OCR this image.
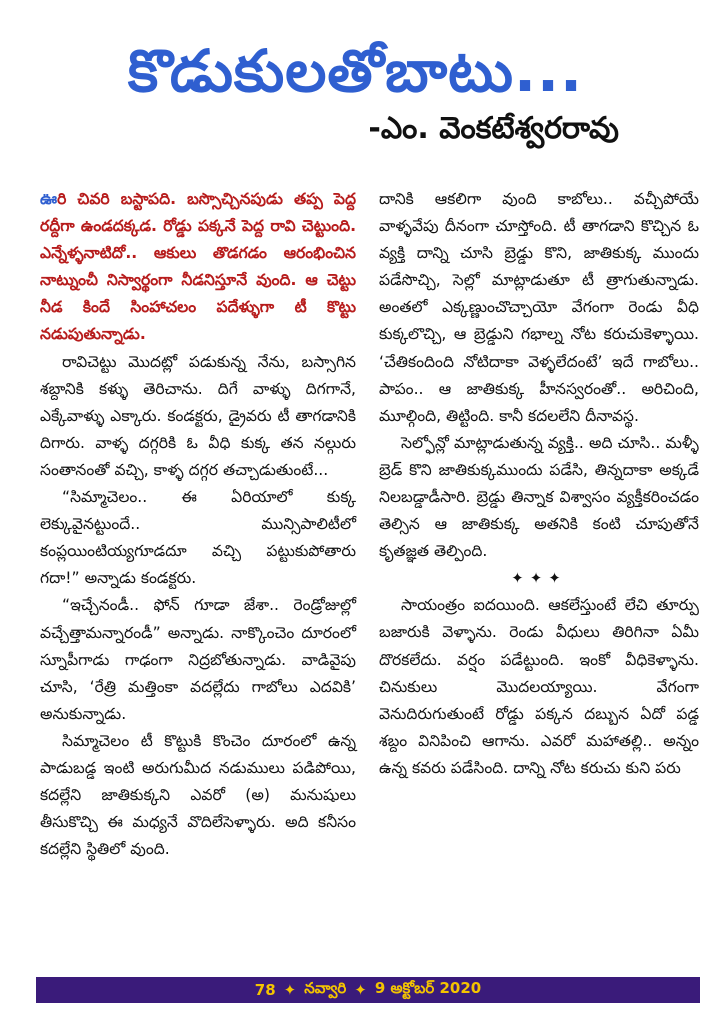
కొడుకులతోబాటు...
-ఎం. వెంకటేశ్వరరావు

ఊరి చివరి బస్టాపది. బస్సొచ్చినపుడు తప్ప పెద్ద రద్దీగా ఉండదక్కడ. రోడ్డు పక్కనే పెద్ద రావి చెట్టుంది. ఎన్నేళ్ళనాటిదో.. ఆకులు తొడగడం ఆరంభించిన నాట్నుంచీ నిస్వార్థంగా నీడనిస్తూనే వుంది. ఆ చెట్టు నీడ కిందే సింహాచలం పదేళ్ళుగా టీ కొట్టు నడుపుతున్నాడు.

రావిచెట్టు మొదట్లో పడుకున్న నేను, బస్సాగిన శబ్దానికి కళ్ళు తెరిచాను. దిగే వాళ్ళు దిగగానే, ఎక్కేవాళ్ళు ఎక్కారు. కండక్టరు, డ్రైవరు టీ తాగడానికి దిగారు. వాళ్ళ దగ్గరికి ఓ వీధి కుక్క తన నల్గురు సంతానంతో వచ్చి, కాళ్ళ దగ్గర తచ్చాడుతుంటే...

“సిమ్మాచెలం.. ఈ ఏరియాలో కుక్క లెక్కువైనట్టుందే.. మున్సిపాలిటీలో కంప్లయింటియ్యగూడదూ వచ్చి పట్టుకుపోతారు గదా!” అన్నాడు కండక్టరు.

“ఇచ్చేనండీ.. ఫోన్ గూడా జేశా.. రెండ్రోజుల్లో వచ్చేత్తామన్నారండీ” అన్నాడు. నాక్కొంచెం దూరంలో స్నూపీగాడు గాఢంగా నిద్రబోతున్నాడు. వాడివైపు చూసి, ‘రేత్రి మత్తింకా వదల్లేదు గాబోలు ఎదవికి’ అనుకున్నాడు.

సిమ్మాచెలం టీ కొట్టుకి కొంచెం దూరంలో ఉన్న పాడుబడ్డ ఇంటి అరుగుమీద నడుములు పడిపోయి, కదల్లేని జాతికుక్కని ఎవరో (అ) మనుషులు తీసుకొచ్చి ఈ మధ్యనే వొదిలేసెళ్ళారు. అది కనీసం కదల్లేని స్థితిలో వుంది.

దానికి ఆకలిగా వుంది కాబోలు.. వచ్చీపోయే వాళ్ళవేపు దీనంగా చూస్తోంది. టీ తాగడాని కొచ్చిన ఓ వ్యక్తి దాన్ని చూసి బ్రెడ్డు కొని, జాతికుక్క ముందు పడేసొచ్చి, సెల్లో మాట్లాడుతూ టీ త్రాగుతున్నాడు. అంతలో ఎక్కణ్ణుంచొచ్చాయో వేగంగా రెండు వీధి కుక్కలొచ్చి, ఆ బ్రెడ్డుని గభాల్న నోట కరుచుకెళ్ళాయి. ‘చేతికందింది నోటిదాకా వెళ్ళలేదంటే’ ఇదే గాబోలు.. పాపం.. ఆ జాతికుక్క హీనస్వరంతో.. అరిచింది, మూల్గింది, తిట్టింది. కానీ కదలలేని దీనావస్థ.

సెల్ఫోన్లో మాట్లాడుతున్న వ్యక్తి.. అది చూసి.. మళ్ళీ బ్రెడ్ కొని జాతికుక్కముందు పడేసి, తిన్నదాకా అక్కడే నిలబడ్డాడీసారి. బ్రెడ్డు తిన్నాక విశ్వాసం వ్యక్తీకరించడం తెల్సిన ఆ జాతికుక్క అతనికి కంటి చూపుతోనే కృతజ్ఞత తెల్పింది.

✦✦✦

సాయంత్రం ఐదయింది. ఆకలేస్తుంటే లేచి తూర్పు బజారుకి వెళ్ళాను. రెండు వీధులు తిరిగినా ఏమీ దొరకలేదు. వర్షం పడేట్టుంది. ఇంకో వీధికెళ్ళాను. చినుకులు మొదలయ్యాయి. వేగంగా వెనుదిరుగుతుంటే రోడ్డు పక్కన దబ్బున ఏదో పడ్డ శబ్దం వినిపించి ఆగాను. ఎవరో మహాతల్లి.. అన్నం ఉన్న కవరు పడేసింది. దాన్ని నోట కరుచు కుని పరు

78 ✦ నవ్వారి ✦ 9 అక్టోబర్ 2020
